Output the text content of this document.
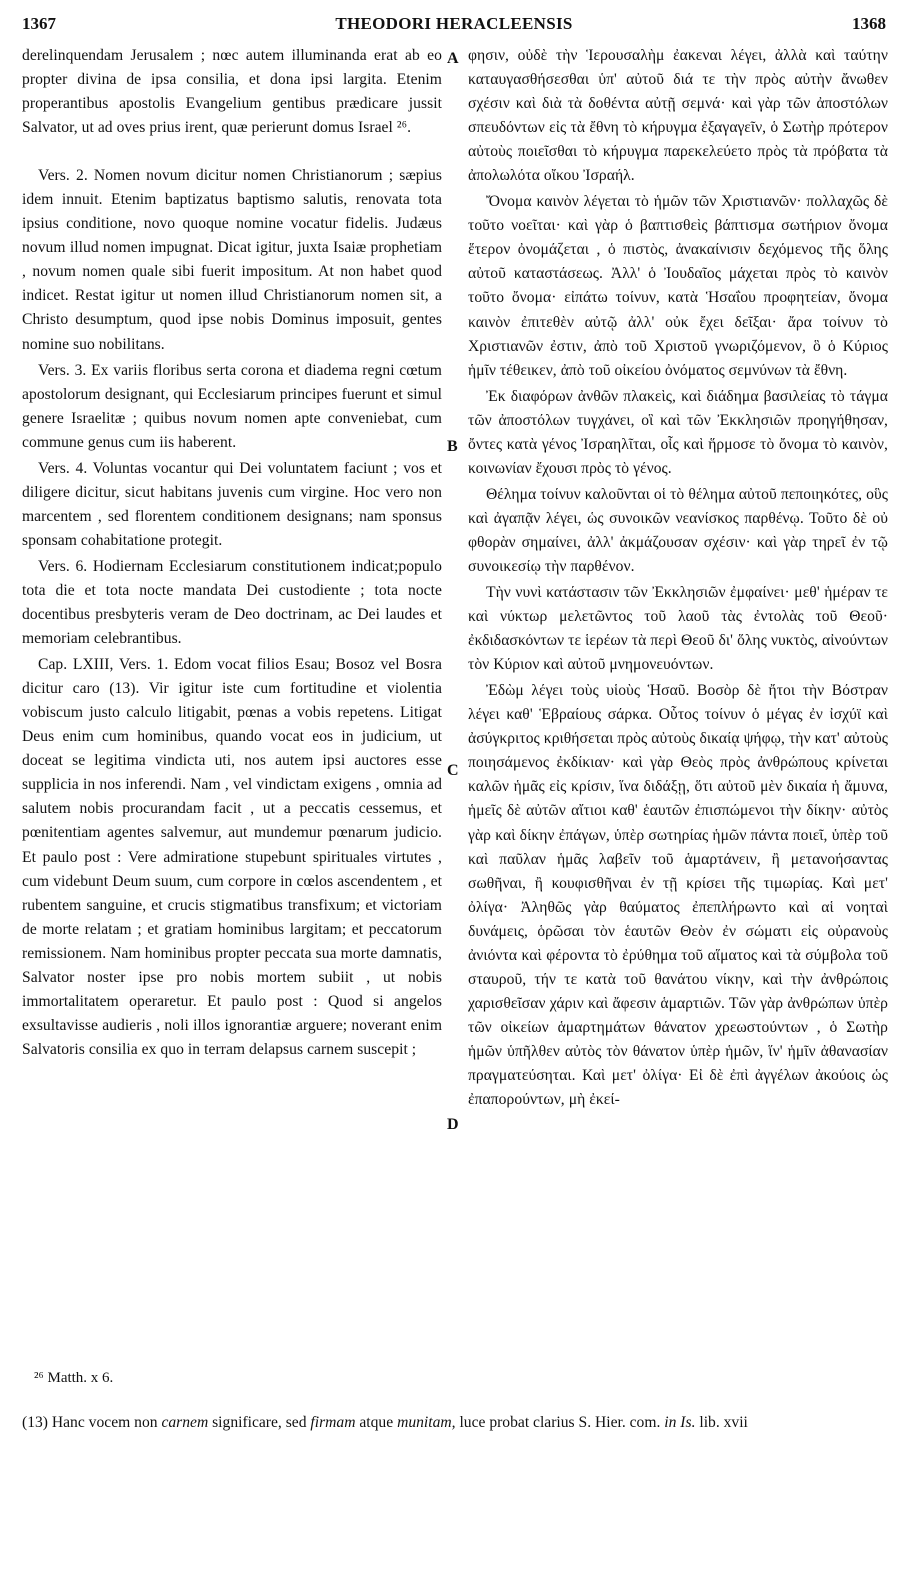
1367	THEODORI HERACLEENSIS	1368

derelinquendam Jerusalem ; nœc autem illuminanda erat ab eo propter divina de ipsa consilia, et dona ipsi largita. Etenim properantibus apostolis Evangelium gentibus prædicare jussit Salvator, ut ad oves prius irent, quæ perierunt domus Israel ²⁶.

Vers. 2. Nomen novum dicitur nomen Christianorum ; sæpius idem innuit. Etenim baptizatus baptismo salutis, renovata tota ipsius conditione, novo quoque nomine vocatur fidelis. Judæus novum illud nomen impugnat. Dicat igitur, juxta Isaiæ prophetiam , novum nomen quale sibi fuerit impositum. At non habet quod indicet. Restat igitur ut nomen illud Christianorum nomen sit, a Christo desumptum, quod ipse nobis Dominus imposuit, gentes nomine suo nobilitans.

Vers. 3. Ex variis floribus serta corona et diadema regni cœtum apostolorum designant, qui Ecclesiarum principes fuerunt et simul genere Israelitæ ; quibus novum nomen apte conveniebat, cum commune genus cum iis haberent.

Vers. 4. Voluntas vocantur qui Dei voluntatem faciunt ; vos et diligere dicitur, sicut habitans juvenis cum virgine. Hoc vero non marcentem , sed florentem conditionem designans; nam sponsus sponsam cohabitatione protegit.

Vers. 6. Hodiernam Ecclesiarum constitutionem indicat;populo tota die et tota nocte mandata Dei custodiente ; tota nocte docentibus presbyteris veram de Deo doctrinam, ac Dei laudes et memoriam celebrantibus.

Cap. LXIII, Vers. 1. Edom vocat filios Esau; Bosoz vel Bosra dicitur caro (13). Vir igitur iste cum fortitudine et violentia vobiscum justo calculo litigabit, pœnas a vobis repetens. Litigat Deus enim cum hominibus, quando vocat eos in judicium, ut doceat se legitima vindicta uti, nos autem ipsi auctores esse supplicia in nos inferendi. Nam , vel vindictam exigens , omnia ad salutem nobis procurandam facit , ut a peccatis cessemus, et pœnitentiam agentes salvemur, aut mundemur pœnarum judicio. Et paulo post : Vere admiratione stupebunt spirituales virtutes , cum videbunt Deum suum, cum corpore in cœlos ascendentem , et rubentem sanguine, et crucis stigmatibus transfixum; et victoriam de morte relatam ; et gratiam hominibus largitam; et peccatorum remissionem. Nam hominibus propter peccata sua morte damnatis, Salvator noster ipse pro nobis mortem subiit , ut nobis immortalitatem operaretur. Et paulo post : Quod si angelos exsultavisse audieris , noli illos ignorantiæ arguere; noverant enim Salvatoris consilia ex quo in terram delapsus carnem suscepit ;

A
B
C
D

φησιν, οὐδὲ τὴν Ἱερουσαλὴμ ἐακεναι λέγει, ἀλλὰ καὶ ταύτην καταυγασθήσεσθαι ὑπ' αὐτοῦ διά τε τὴν πρὸς αὐτὴν ἄνωθεν σχέσιν καὶ διὰ τὰ δοθέντα αὐτῇ σεμνά· καὶ γὰρ τῶν ἀποστόλων σπευδόντων εἰς τὰ ἔθνη τὸ κήρυγμα ἐξαγαγεῖν, ὁ Σωτὴρ πρότερον αὐτοὺς ποιεῖσθαι τὸ κήρυγμα παρεκελεύετο πρὸς τὰ πρόβατα τὰ ἀπολωλότα οἴκου Ἰσραήλ.

Ὄνομα καινὸν λέγεται τὸ ἡμῶν τῶν Χριστιανῶν· πολλαχῶς δὲ τοῦτο νοεῖται· καὶ γὰρ ὁ βαπτισθεὶς βάπτισμα σωτήριον ὄνομα ἕτερον ὀνομάζεται , ὁ πιστὸς, ἀνακαίνισιν δεχόμενος τῆς ὅλης αὐτοῦ καταστάσεως. Ἀλλ' ὁ Ἰουδαῖος μάχεται πρὸς τὸ καινὸν τοῦτο ὄνομα· εἰπάτω τοίνυν, κατὰ Ἡσαΐου προφητείαν, ὄνομα καινὸν ἐπιτεθὲν αὐτῷ ἀλλ' οὐκ ἔχει δεῖξαι· ἄρα τοίνυν τὸ Χριστιανῶν ἐστιν, ἀπὸ τοῦ Χριστοῦ γνωριζόμενον, ὃ ὁ Κύριος ἡμῖν τέθεικεν, ἀπὸ τοῦ οἰκείου ὀνόματος σεμνύνων τὰ ἔθνη.

Ἐκ διαφόρων ἀνθῶν πλακεὶς, καὶ διάδημα βασιλείας τὸ τάγμα τῶν ἀποστόλων τυγχάνει, οἳ καὶ τῶν Ἐκκλησιῶν προηγήθησαν, ὄντες κατὰ γένος Ἰσραηλῖται, οἷς καὶ ἥρμοσε τὸ ὄνομα τὸ καινὸν, κοινωνίαν ἔχουσι πρὸς τὸ γένος.

Θέλημα τοίνυν καλοῦνται οἱ τὸ θέλημα αὐτοῦ πεποιηκότες, οὓς καὶ ἀγαπᾷν λέγει, ὡς συνοικῶν νεανίσκος παρθένῳ. Τοῦτο δὲ οὐ φθορὰν σημαίνει, ἀλλ' ἀκμάζουσαν σχέσιν· καὶ γὰρ τηρεῖ ἐν τῷ συνοικεσίῳ τὴν παρθένον.

Τὴν νυνὶ κατάστασιν τῶν Ἐκκλησιῶν ἐμφαίνει· μεθ' ἡμέραν τε καὶ νύκτωρ μελετῶντος τοῦ λαοῦ τὰς ἐντολὰς τοῦ Θεοῦ· ἐκδιδασκόντων τε ἱερέων τὰ περὶ Θεοῦ δι' ὅλης νυκτὸς, αἰνούντων τὸν Κύριον καὶ αὐτοῦ μνημονευόντων.

Ἐδὼμ λέγει τοὺς υἱοὺς Ἡσαῦ. Βοσὸρ δὲ ἤτοι τὴν Βόστραν λέγει καθ' Ἑβραίους σάρκα. Οὗτος τοίνυν ὁ μέγας ἐν ἰσχύϊ καὶ ἀσύγκριτος κριθήσεται πρὸς αὐτοὺς δικαίᾳ ψήφῳ, τὴν κατ' αὐτοὺς ποιησάμενος ἐκδίκιαν· καὶ γὰρ Θεὸς πρὸς ἀνθρώπους κρίνεται καλῶν ἡμᾶς εἰς κρίσιν, ἵνα διδάξῃ, ὅτι αὐτοῦ μὲν δικαία ἡ ἄμυνα, ἡμεῖς δὲ αὐτῶν αἴτιοι καθ' ἑαυτῶν ἐπισπώμενοι τὴν δίκην· αὐτὸς γὰρ καὶ δίκην ἐπάγων, ὑπὲρ σωτηρίας ἡμῶν πάντα ποιεῖ, ὑπὲρ τοῦ καὶ παῦλαν ἡμᾶς λαβεῖν τοῦ ἁμαρτάνειν, ἢ μετανοήσαντας σωθῆναι, ἢ κουφισθῆναι ἐν τῇ κρίσει τῆς τιμωρίας. Καὶ μετ' ὀλίγα· Ἀληθῶς γὰρ θαύματος ἐπεπλήρωντο καὶ αἱ νοηταὶ δυνάμεις, ὁρῶσαι τὸν ἑαυτῶν Θεὸν ἐν σώματι εἰς οὐρανοὺς ἀνιόντα καὶ φέροντα τὸ ἐρύθημα τοῦ αἵματος καὶ τὰ σύμβολα τοῦ σταυροῦ, τήν τε κατὰ τοῦ θανάτου νίκην, καὶ τὴν ἀνθρώποις χαρισθεῖσαν χάριν καὶ ἄφεσιν ἁμαρτιῶν. Τῶν γὰρ ἀνθρώπων ὑπὲρ τῶν οἰκείων ἁμαρτημάτων θάνατον χρεωστούντων , ὁ Σωτὴρ ἡμῶν ὑπῆλθεν αὐτὸς τὸν θάνατον ὑπὲρ ἡμῶν, ἵν' ἡμῖν ἀθανασίαν πραγματεύσηται. Καὶ μετ' ὀλίγα· Εἰ δὲ ἐπὶ ἀγγέλων ἀκούοις ὡς ἐπαπορούντων, μὴ ἐκεί-

²⁶ Matth. x 6.
(13) Hanc vocem non carnem significare, sed firmam atque munitam, luce probat clarius S. Hier. com. in Is. lib. xvii
